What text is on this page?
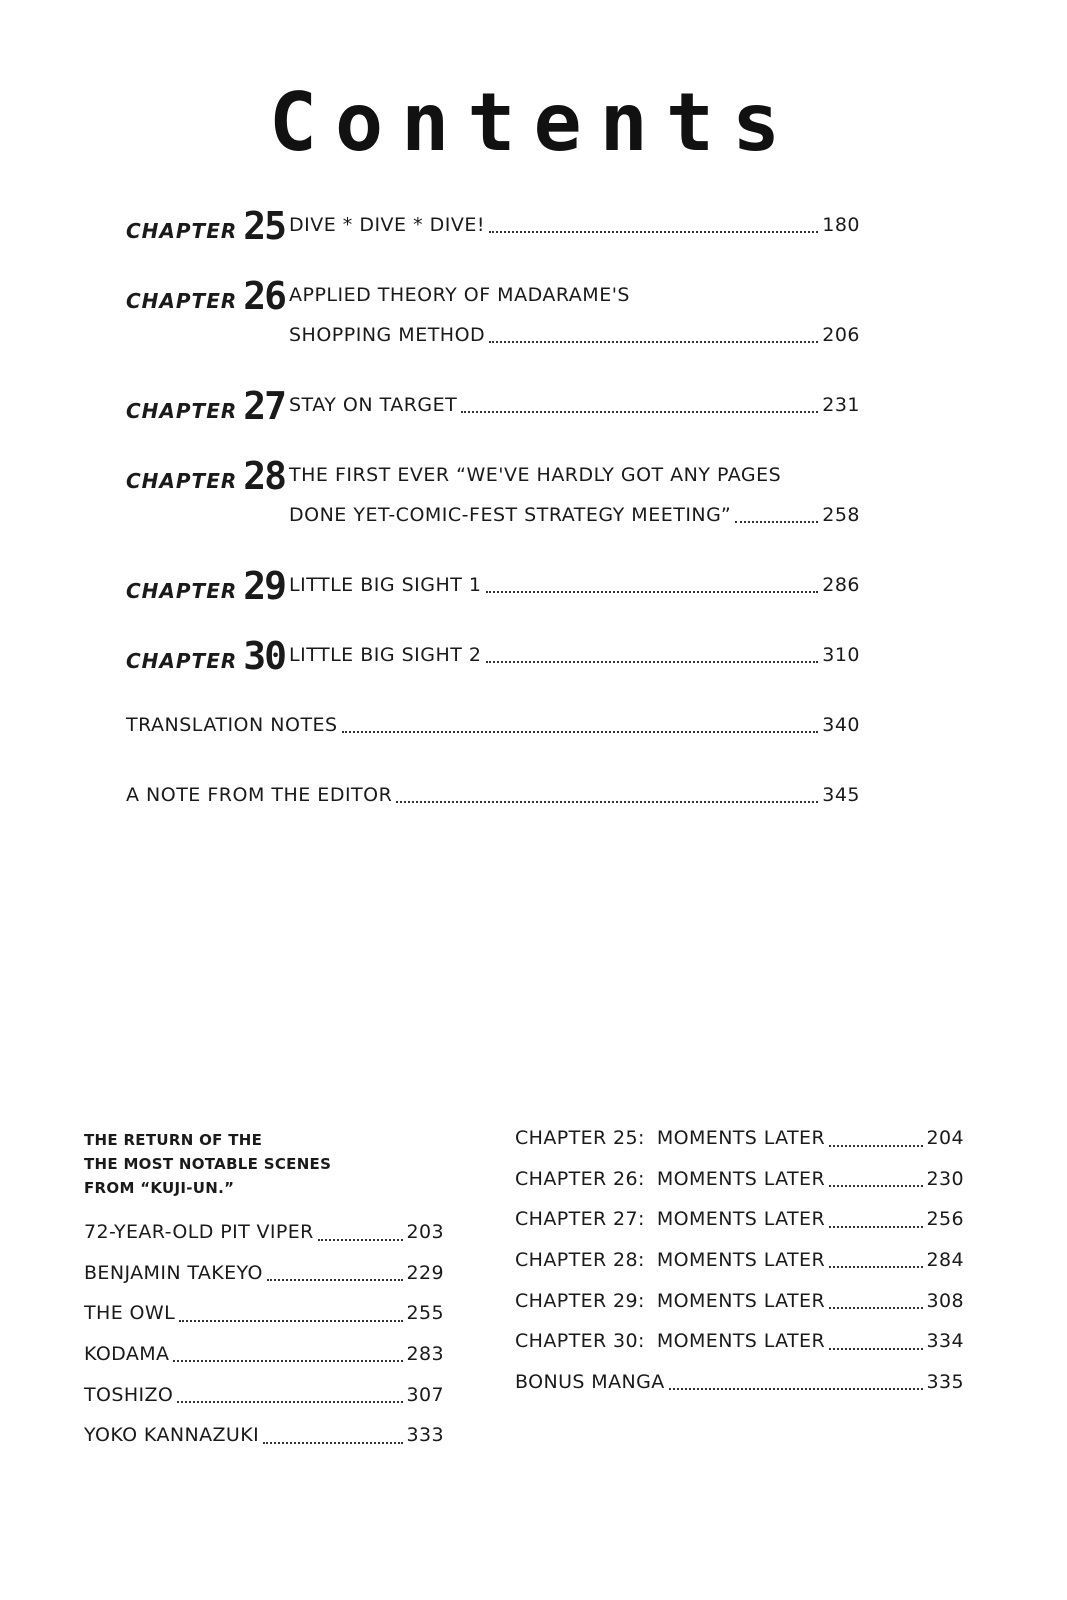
Contents
CHAPTER 25 DIVE * DIVE * DIVE!	180
CHAPTER 26 APPLIED THEORY OF MADARAME'S
SHOPPING METHOD	206
CHAPTER 27 STAY ON TARGET	231
CHAPTER 28 THE FIRST EVER “WE'VE HARDLY GOT ANY PAGES
DONE YET-COMIC-FEST STRATEGY MEETING”	258
CHAPTER 29 LITTLE BIG SIGHT 1	286
CHAPTER 30 LITTLE BIG SIGHT 2	310
TRANSLATION NOTES	340
A NOTE FROM THE EDITOR	345
THE RETURN OF THE
THE MOST NOTABLE SCENES
FROM “KUJI-UN.”
72-YEAR-OLD PIT VIPER	203
BENJAMIN TAKEYO	229
THE OWL	255
KODAMA	283
TOSHIZO	307
YOKO KANNAZUKI	333
CHAPTER 25: MOMENTS LATER	204
CHAPTER 26: MOMENTS LATER	230
CHAPTER 27: MOMENTS LATER	256
CHAPTER 28: MOMENTS LATER	284
CHAPTER 29: MOMENTS LATER	308
CHAPTER 30: MOMENTS LATER	334
BONUS MANGA	335
